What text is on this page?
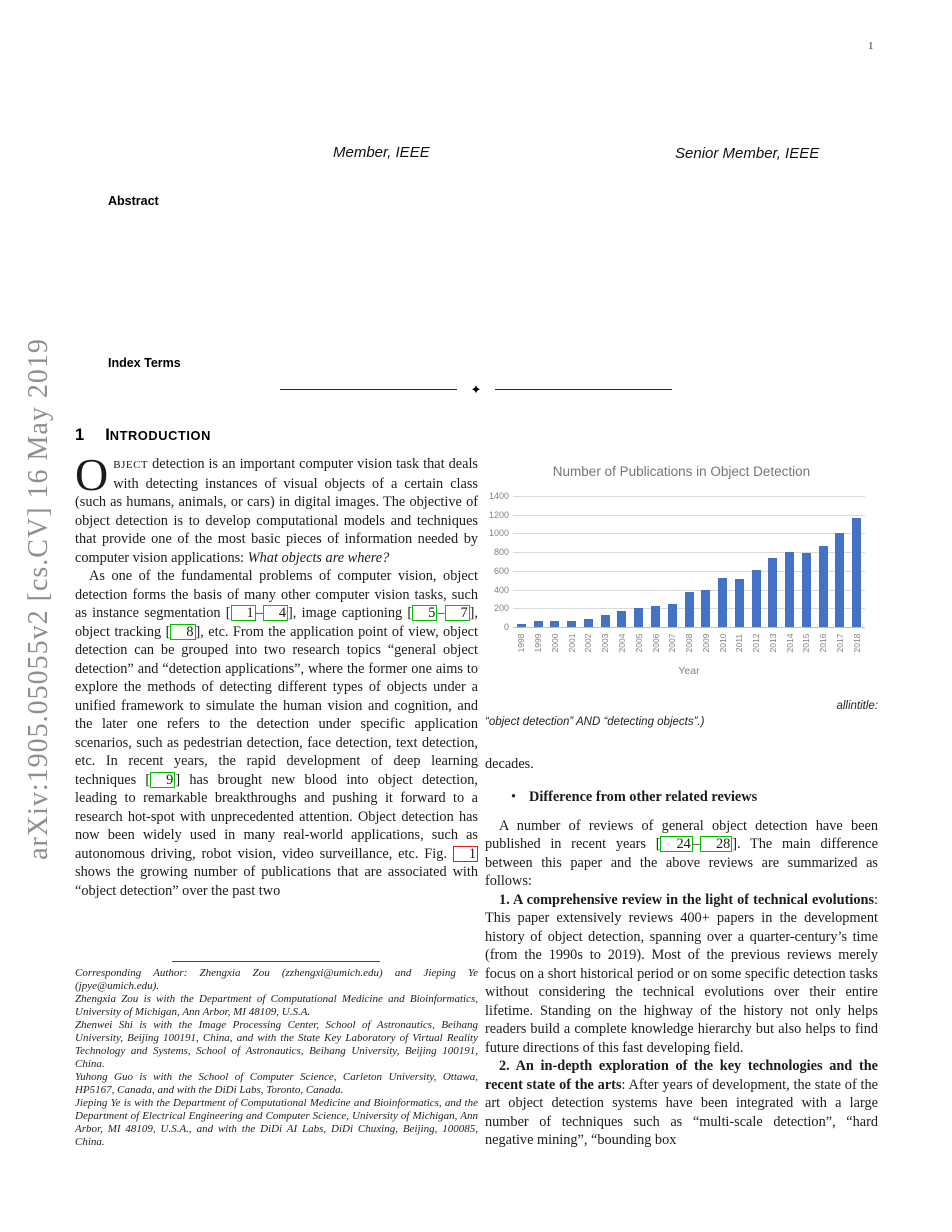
arXiv:1905.05055v2 [cs.CV] 16 May 2019
1
Member, IEEE	Senior Member, IEEE
Abstract
Index Terms
✦
1 INTRODUCTION

OBJECT detection is an important computer vision task that deals with detecting instances of visual objects of a certain class (such as humans, animals, or cars) in digital images. The objective of object detection is to develop computational models and techniques that provide one of the most basic pieces of information needed by computer vision applications: What objects are where?

As one of the fundamental problems of computer vision, object detection forms the basis of many other computer vision tasks, such as instance segmentation [ 1 – 4 ], image captioning [ 5 – 7 ], object tracking [ 8 ], etc. From the application point of view, object detection can be grouped into two research topics “general object detection” and “detection applications”, where the former one aims to explore the methods of detecting different types of objects under a unified framework to simulate the human vision and cognition, and the later one refers to the detection under specific application scenarios, such as pedestrian detection, face detection, text detection, etc. In recent years, the rapid development of deep learning techniques [ 9 ] has brought new blood into object detection, leading to remarkable breakthroughs and pushing it forward to a research hot-spot with unprecedented attention. Object detection has now been widely used in many real-world applications, such as autonomous driving, robot vision, video surveillance, etc. Fig. 1 shows the growing number of publications that are associated with “object detection” over the past two

Corresponding Author: Zhengxia Zou (zzhengxi@umich.edu) and Jieping Ye (jpye@umich.edu).
Zhengxia Zou is with the Department of Computational Medicine and Bioinformatics, University of Michigan, Ann Arbor, MI 48109, U.S.A.
Zhenwei Shi is with the Image Processing Center, School of Astronautics, Beihang University, Beijing 100191, China, and with the State Key Laboratory of Virtual Reality Technology and Systems, School of Astronautics, Beihang University, Beijing 100191, China.
Yuhong Guo is with the School of Computer Science, Carleton University, Ottawa, HP5167, Canada, and with the DiDi Labs, Toronto, Canada.
Jieping Ye is with the Department of Computational Medicine and Bioinformatics, and the Department of Electrical Engineering and Computer Science, University of Michigan, Ann Arbor, MI 48109, U.S.A., and with the DiDi AI Labs, DiDi Chuxing, Beijing, 100085, China.
Number of Publications in Object Detection
1400
1200
1000
800
600
400
200
0
1998 1999 2000 2001 2002 2003 2004 2005 2006 2007 2008 2009 2010 2011 2012 2013 2014 2015 2016 2017 2018
Year
allintitle:
“object detection” AND “detecting objects”.)

decades.

• Difference from other related reviews

A number of reviews of general object detection have been published in recent years [ 24 – 28 ]. The main difference between this paper and the above reviews are summarized as follows:

1. A comprehensive review in the light of technical evolutions: This paper extensively reviews 400+ papers in the development history of object detection, spanning over a quarter-century’s time (from the 1990s to 2019). Most of the previous reviews merely focus on a short historical period or on some specific detection tasks without considering the technical evolutions over their entire lifetime. Standing on the highway of the history not only helps readers build a complete knowledge hierarchy but also helps to find future directions of this fast developing field.

2. An in-depth exploration of the key technologies and the recent state of the arts: After years of development, the state of the art object detection systems have been integrated with a large number of techniques such as “multi-scale detection”, “hard negative mining”, “bounding box
